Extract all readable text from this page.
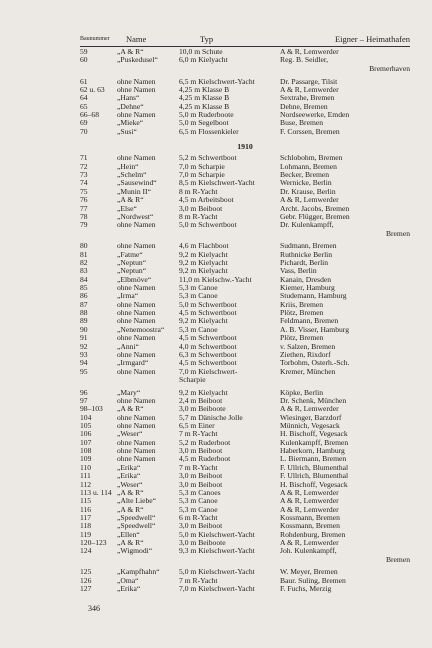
Baunummer Name	Typ	Eigner – Heimathafen
59	„A & R“	10,0 m Schute	A & R, Lemwerder
60	„Puskedusel“	6,0 m Kielyacht	Reg. B. Seidler,
Bremerhaven
61	ohne Namen	6,5 m Kielschwert-Yacht	Dr. Passarge, Tilsit
62 u. 63	ohne Namen	4,25 m Klasse B	A & R, Lemwerder
64	„Hans“	4,25 m Klasse B	Sextrahe, Bremen
65	„Dehne“	4,25 m Klasse B	Dehne, Bremen
66–68	ohne Namen	5,0 m Ruderboote	Nordseewerke, Emden
69	„Mieke“	5,0 m Segelboot	Buse, Bremen
70	„Susi“	6,5 m Flossenkieler	F. Corssen, Bremen
1910
71	ohne Namen	5,2 m Schwertboot	Schlobohm, Bremen
72	„Hein“	7,0 m Scharpie	Lohmann, Bremen
73	„Schelm“	7,0 m Scharpie	Becker, Bremen
74	„Sausewind“	8,5 m Kielschwert-Yacht	Wernicke, Berlin
75	„Munin II“	8 m R-Yacht	Dr. Krause, Berlin
76	„A & R“	4,5 m Arbeitsboot	A & R, Lemwerder
77	„Else“	3,0 m Beiboot	Archt. Jacobs, Bremen
78	„Nordwest“	8 m R-Yacht	Gebr. Flügger, Bremen
79	ohne Namen	5,0 m Schwertboot	Dr. Kulenkampff,
Bremen
80	ohne Namen	4,6 m Flachboot	Sudmann, Bremen
81	„Fatme“	9,2 m Kielyacht	Ruthnicke Berlin
82	„Neptun“	9,2 m Kielyacht	Pichardt, Berlin
83	„Neptun“	9,2 m Kielyacht	Vass, Berlin
84	„Elbmöve“	11,0 m Kielschw.-Yacht	Kanain, Dresden
85	ohne Namen	5,3 m Canoe	Kiemer, Hamburg
86	„Irma“	5,3 m Canoe	Studemann, Hamburg
87	ohne Namen	5,0 m Schwertboot	Kriis, Bremen
88	ohne Namen	4,5 m Schwertboot	Plötz, Bremen
89	ohne Namen	9,2 m Kielyacht	Feldmann, Bremen
90	„Nenemoostra“	5,3 m Canoe	A. B. Visser, Hamburg
91	ohne Namen	4,5 m Schwertboot	Plötz, Bremen
92	„Anni“	4,0 m Schwertboot	v. Salzen, Bremen
93	ohne Namen	6,3 m Schwertboot	Ziethen, Rixdorf
94	„Irmgard“	4,5 m Schwertboot	Torbohm, Osterh.-Sch.
95	ohne Namen	7,0 m Kielschwert-	Kremer, München
Scharpie
96	„Mary“	9,2 m Kielyacht	Köpke, Berlin
97	ohne Namen	2,4 m Beiboot	Dr. Schenk, München
98–103	„A & R“	3,0 m Beiboote	A & R, Lemwerder
104	ohne Namen	5,7 m Dänische Jolle	Wiesinger, Barzdorf
105	ohne Namen	6,5 m Einer	Münnich, Vegesack
106	„Weser“	7 m R-Yacht	H. Bischoff, Vegesack
107	ohne Namen	5,2 m Ruderboot	Kulenkampff, Bremen
108	ohne Namen	3,0 m Beiboot	Haberkorn, Hamburg
109	ohne Namen	4,5 m Ruderboot	L. Biermann, Bremen
110	„Erika“	7 m R-Yacht	F. Ullrich, Blumenthal
111	„Erika“	3,0 m Beiboot	F. Ullrich, Blumenthal
112	„Weser“	3,0 m Beiboot	H. Bischoff, Vegesack
113 u. 114 „A & R“	5,3 m Canoes	A & R, Lemwerder
115	„Alte Liebe“	5,3 m Canoe	A & R, Lemwerder
116	„A & R“	5,3 m Canoe	A & R, Lemwerder
117	„Speedwell“	6 m R-Yacht	Kossmann, Bremen
118	„Speedwell“	3,0 m Beiboot	Kossmann, Bremen
119	„Ellen“	5,0 m Kielschwert-Yacht	Rohdenburg, Bremen
120–123	„A & R“	3,0 m Beiboote	A & R, Lemwerder
124	„Wigmodi“	9,3 m Kielschwert-Yacht	Joh. Kulenkampff,
Bremen
125	„Kampfhahn“	5,0 m Kielschwert-Yacht	W. Meyer, Bremen
126	„Oma“	7 m R-Yacht	Baur. Suling, Bremen
127	„Erika“	7,0 m Kielschwert-Yacht	F. Fuchs, Merzig
346
